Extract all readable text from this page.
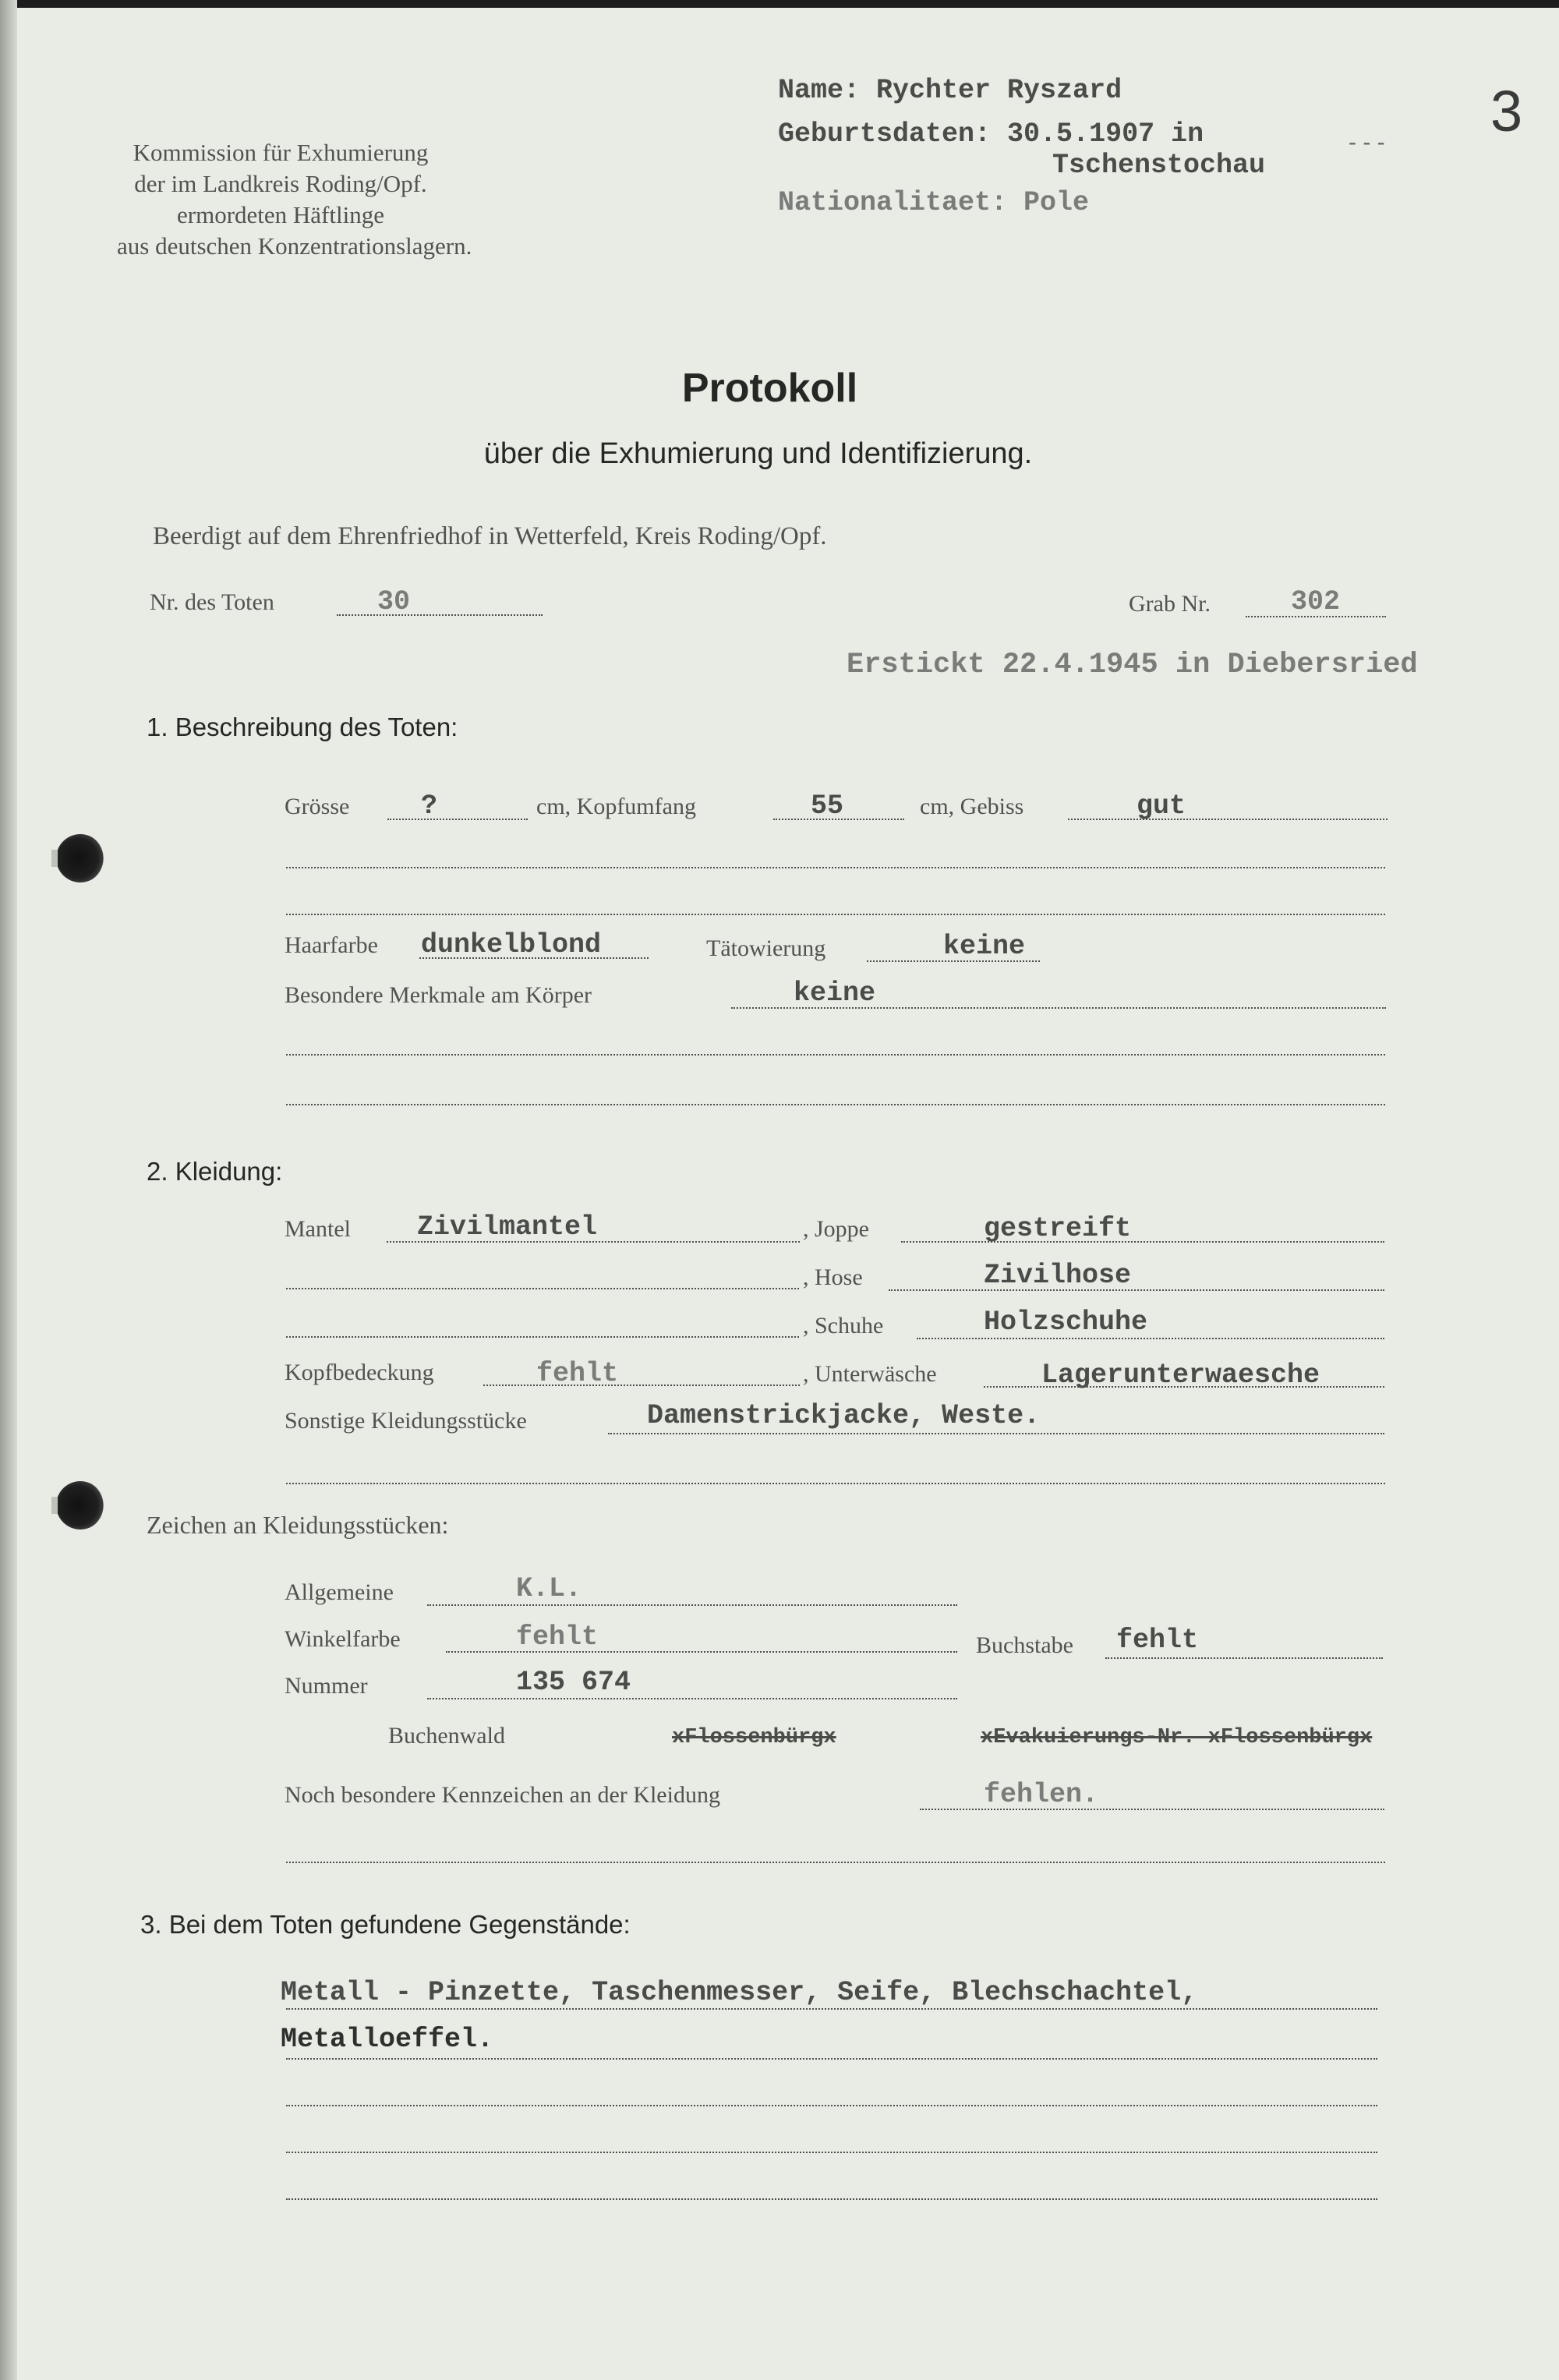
Kommission für Exhumierung
der im Landkreis Roding/Opf.
ermordeten Häftlinge
aus deutschen Konzentrationslagern.
Name: Rychter Ryszard
Geburtsdaten: 30.5.1907 in
Tschenstochau
Nationalitaet: Pole
- - - 3
Protokoll
über die Exhumierung und Identifizierung.
Beerdigt auf dem Ehrenfriedhof in Wetterfeld, Kreis Roding/Opf.
Nr. des Toten	30	Grab Nr.	302
Erstickt 22.4.1945 in Diebersried
1. Beschreibung des Toten:
Grösse	?	cm, Kopfumfang	55	cm, Gebiss	gut
Haarfarbe dunkelblond	Tätowierung	keine
Besondere Merkmale am Körper	keine
2. Kleidung:
Mantel Zivilmantel	, Joppe	gestreift
, Hose	Zivilhose
, Schuhe	Holzschuhe
Kopfbedeckung	fehlt	, Unterwäsche	Lagerunterwaesche
Sonstige Kleidungsstücke	Damenstrickjacke, Weste.
Zeichen an Kleidungsstücken:
Allgemeine	K.L.
Winkelfarbe	fehlt	Buchstabe fehlt
Nummer	135 674
Buchenwald	xFlossenbürgx	xEvakuierungs-Nr. xFlossenbürgx
Noch besondere Kennzeichen an der Kleidung	fehlen.
3. Bei dem Toten gefundene Gegenstände:
Metall - Pinzette, Taschenmesser, Seife, Blechschachtel,
Metalloeffel.
